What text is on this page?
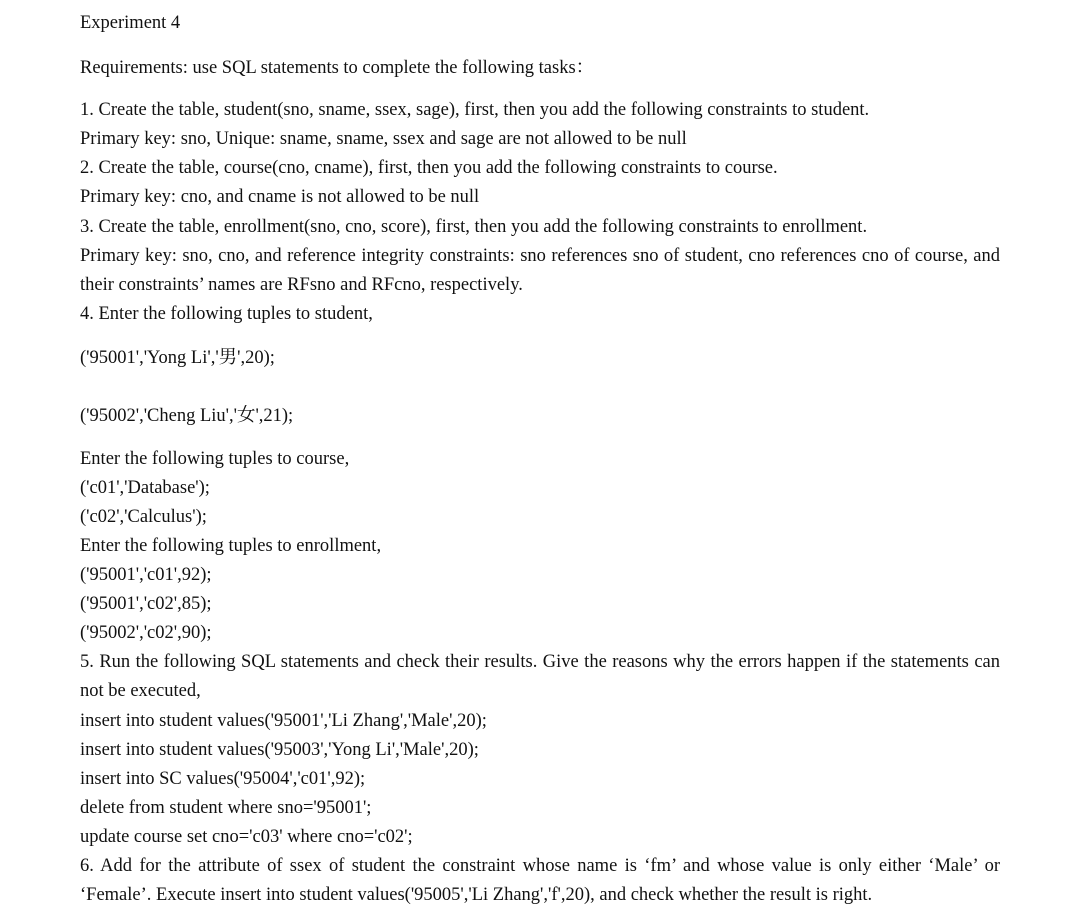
Experiment 4
Requirements: use SQL statements to complete the following tasks：
1. Create the table, student(sno, sname, ssex, sage), first, then you add the following constraints to student.
Primary key: sno, Unique: sname, sname, ssex and sage are not allowed to be null
2. Create the table, course(cno, cname), first, then you add the following constraints to course.
Primary key: cno, and cname is not allowed to be null
3. Create the table, enrollment(sno, cno, score), first, then you add the following constraints to enrollment.
Primary key: sno, cno, and reference integrity constraints: sno references sno of student, cno references cno of course, and their constraints’ names are RFsno and RFcno, respectively.
4. Enter the following tuples to student,
('95001','Yong Li','男',20);
('95002','Cheng Liu','女',21);
Enter the following tuples to course,
('c01','Database');
('c02','Calculus');
Enter the following tuples to enrollment,
('95001','c01',92);
('95001','c02',85);
('95002','c02',90);
5. Run the following SQL statements and check their results. Give the reasons why the errors happen if the statements can not be executed,
insert into student values('95001','Li Zhang','Male',20);
insert into student values('95003','Yong Li','Male',20);
insert into SC values('95004','c01',92);
delete from student where sno='95001';
update course set cno='c03' where cno='c02';
6. Add for the attribute of ssex of student the constraint whose name is ‘fm’ and whose value is only either ‘Male’ or ‘Female’. Execute insert into student values('95005','Li Zhang','f',20), and check whether the result is right.
